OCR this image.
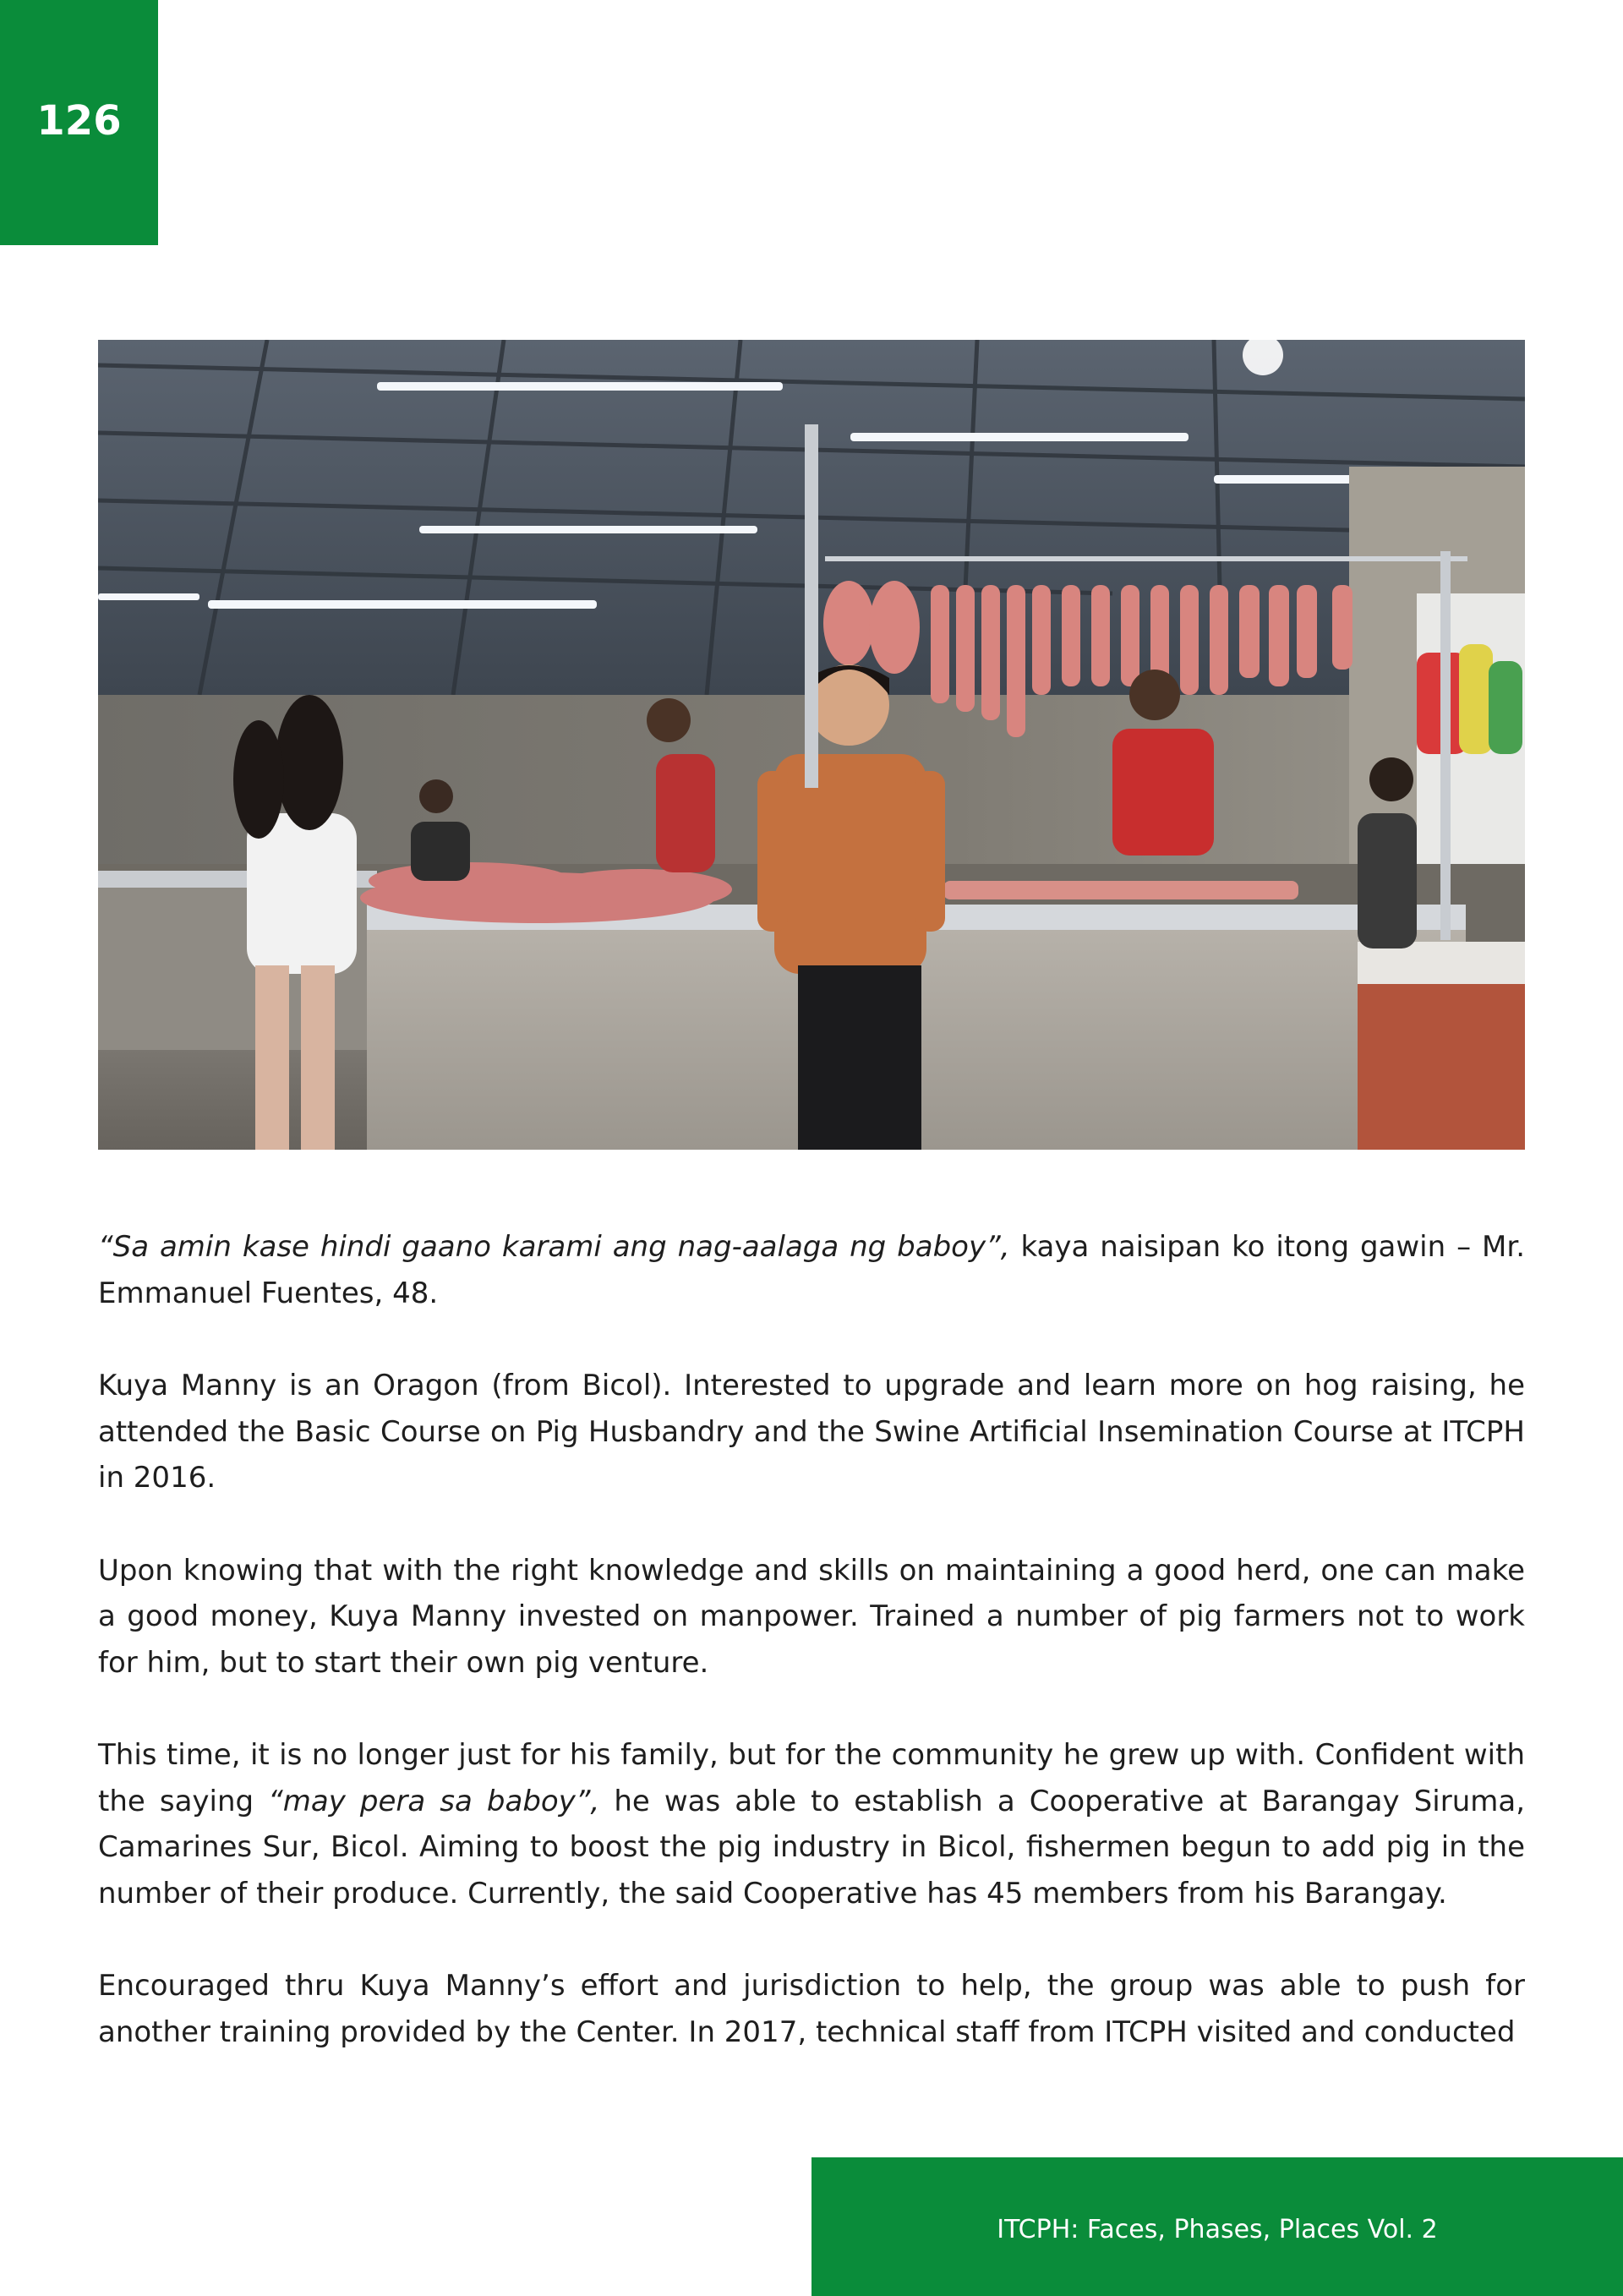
126

“Sa amin kase hindi gaano karami ang nag-aalaga ng baboy”, kaya naisipan ko itong gawin – Mr. Emmanuel Fuentes, 48.

Kuya Manny is an Oragon (from Bicol). Interested to upgrade and learn more on hog raising, he attended the Basic Course on Pig Husbandry and the Swine Artificial Insemination Course at ITCPH in 2016.

Upon knowing that with the right knowledge and skills on maintaining a good herd, one can make a good money, Kuya Manny invested on manpower. Trained a number of pig farmers not to work for him, but to start their own pig venture.

This time, it is no longer just for his family, but for the community he grew up with. Confident with the saying “may pera sa baboy”, he was able to establish a Cooperative at Barangay Siruma, Camarines Sur, Bicol. Aiming to boost the pig industry in Bicol, fishermen begun to add pig in the number of their produce. Currently, the said Cooperative has 45 members from his Barangay.

Encouraged thru Kuya Manny’s effort and jurisdiction to help, the group was able to push for another training provided by the Center. In 2017, technical staff from ITCPH visited and conducted

ITCPH: Faces, Phases, Places Vol. 2
